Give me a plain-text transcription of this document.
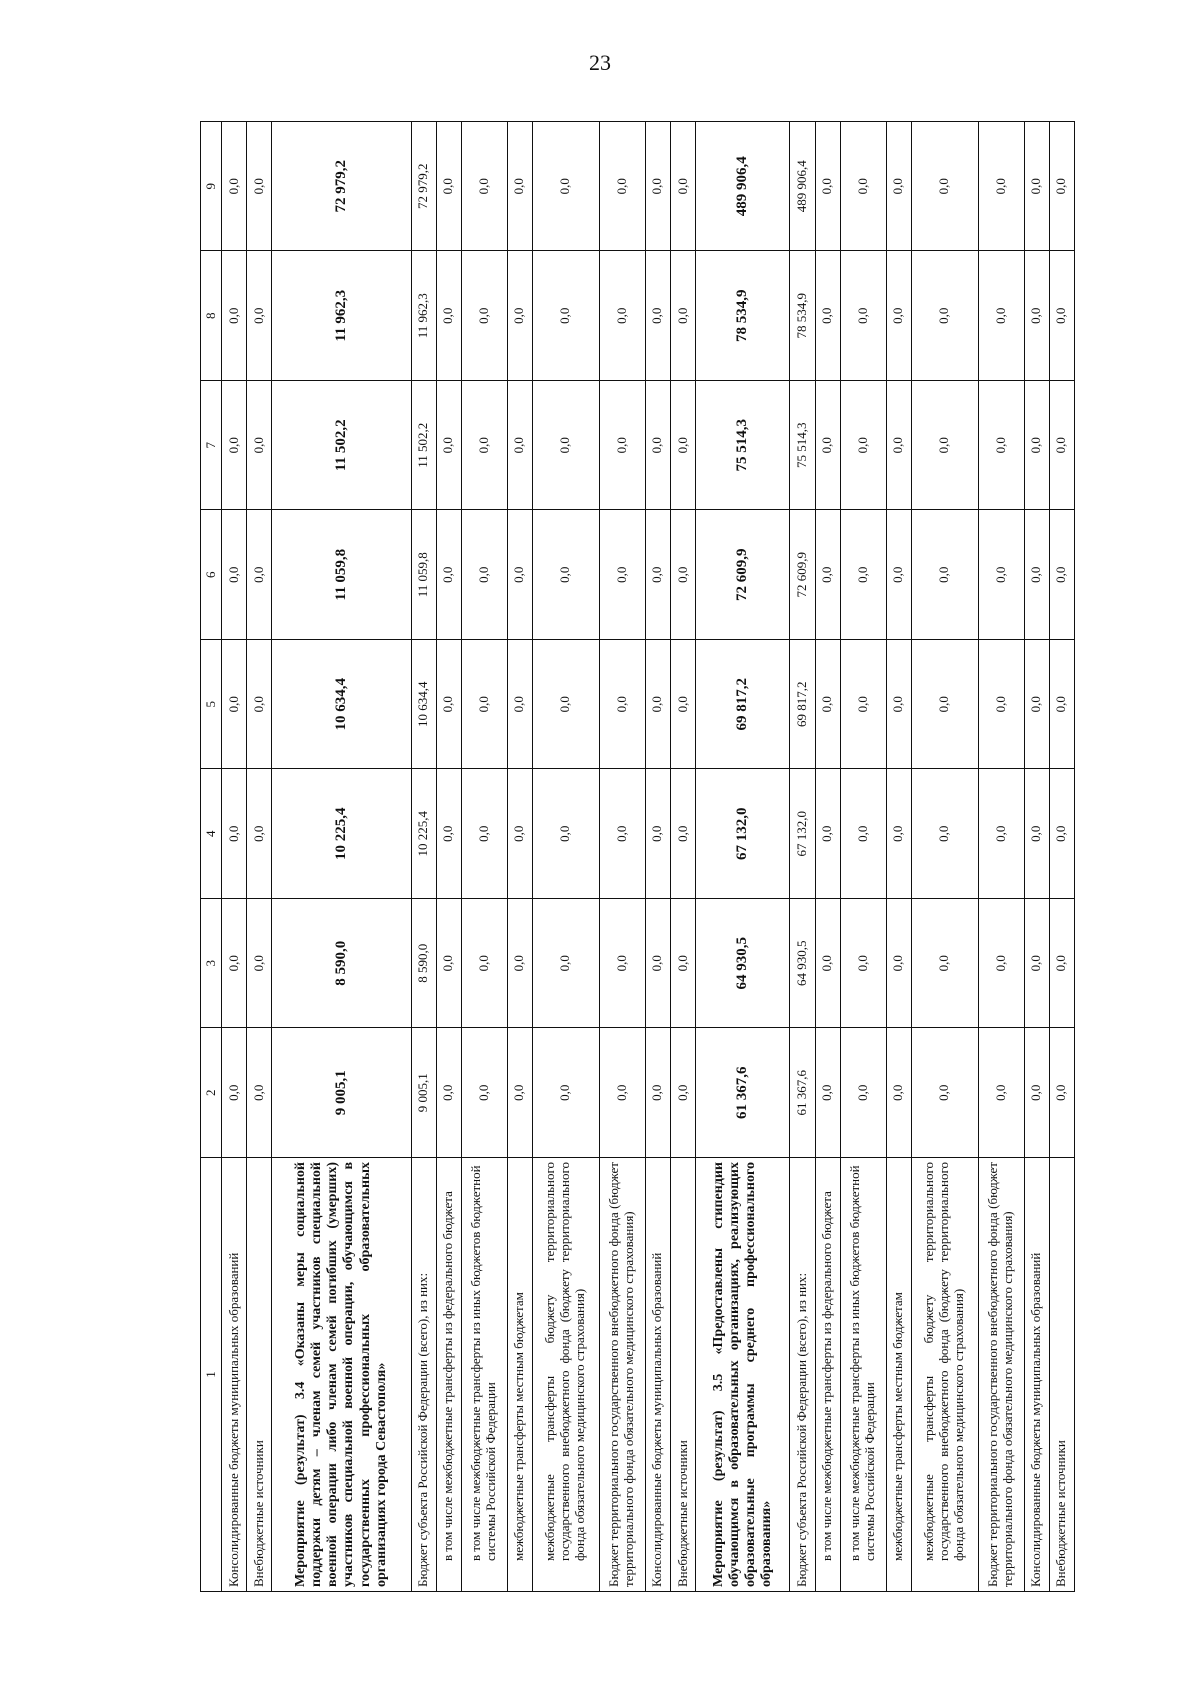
23
1	2	3	4	5	6	7	8	9
Консолидированные бюджеты муниципальных образований	0,0	0,0	0,0	0,0	0,0	0,0	0,0	0,0
Внебюджетные источники	0,0	0,0	0,0	0,0	0,0	0,0	0,0	0,0
Мероприятие (результат) 3.4 «Оказаны меры социальной поддержки детям – членам семей участников специальной военной операции либо членам семей погибших (умерших) участников специальной военной операции, обучающимся в государственных профессиональных образовательных организациях города Севастополя»	9 005,1	8 590,0	10 225,4	10 634,4	11 059,8	11 502,2	11 962,3	72 979,2
Бюджет субъекта Российской Федерации (всего), из них:	9 005,1	8 590,0	10 225,4	10 634,4	11 059,8	11 502,2	11 962,3	72 979,2
в том числе межбюджетные трансферты из федерального бюджета	0,0	0,0	0,0	0,0	0,0	0,0	0,0	0,0
в том числе межбюджетные трансферты из иных бюджетов бюджетной системы Российской Федерации	0,0	0,0	0,0	0,0	0,0	0,0	0,0	0,0
межбюджетные трансферты местным бюджетам	0,0	0,0	0,0	0,0	0,0	0,0	0,0	0,0
межбюджетные трансферты бюджету территориального государственного внебюджетного фонда (бюджету территориального фонда обязательного медицинского страхования)	0,0	0,0	0,0	0,0	0,0	0,0	0,0	0,0
Бюджет территориального государственного внебюджетного фонда (бюджет территориального фонда обязательного медицинского страхования)	0,0	0,0	0,0	0,0	0,0	0,0	0,0	0,0
Консолидированные бюджеты муниципальных образований	0,0	0,0	0,0	0,0	0,0	0,0	0,0	0,0
Внебюджетные источники	0,0	0,0	0,0	0,0	0,0	0,0	0,0	0,0
Мероприятие (результат) 3.5 «Предоставлены стипендии обучающимся в образовательных организациях, реализующих образовательные программы среднего профессионального образования»	61 367,6	64 930,5	67 132,0	69 817,2	72 609,9	75 514,3	78 534,9	489 906,4
Бюджет субъекта Российской Федерации (всего), из них:	61 367,6	64 930,5	67 132,0	69 817,2	72 609,9	75 514,3	78 534,9	489 906,4
в том числе межбюджетные трансферты из федерального бюджета	0,0	0,0	0,0	0,0	0,0	0,0	0,0	0,0
в том числе межбюджетные трансферты из иных бюджетов бюджетной системы Российской Федерации	0,0	0,0	0,0	0,0	0,0	0,0	0,0	0,0
межбюджетные трансферты местным бюджетам	0,0	0,0	0,0	0,0	0,0	0,0	0,0	0,0
межбюджетные трансферты бюджету территориального государственного внебюджетного фонда (бюджету территориального фонда обязательного медицинского страхования)	0,0	0,0	0,0	0,0	0,0	0,0	0,0	0,0
Бюджет территориального государственного внебюджетного фонда (бюджет территориального фонда обязательного медицинского страхования)	0,0	0,0	0,0	0,0	0,0	0,0	0,0	0,0
Консолидированные бюджеты муниципальных образований	0,0	0,0	0,0	0,0	0,0	0,0	0,0	0,0
Внебюджетные источники	0,0	0,0	0,0	0,0	0,0	0,0	0,0	0,0
